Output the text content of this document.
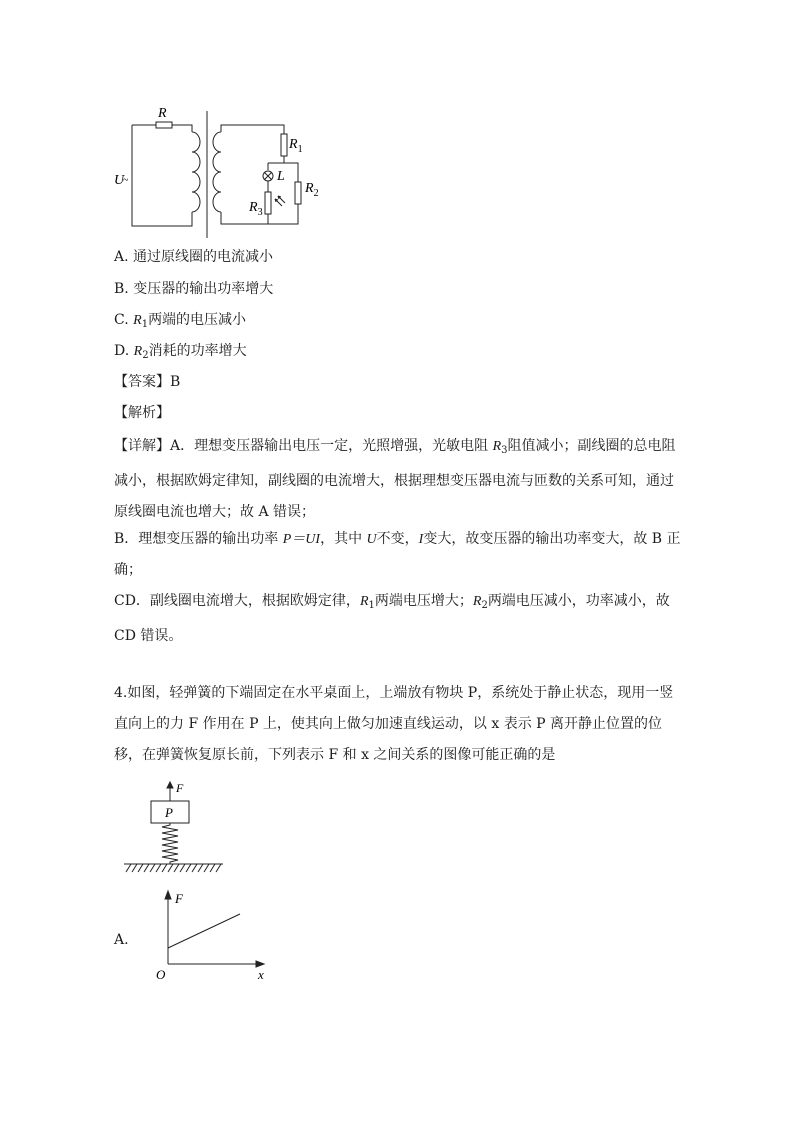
R
U
~
$R_1$
L
$R_2$
$R_3$
A. 通过原线圈的电流减小
B. 变压器的输出功率增大
C. $R_1$两端的电压减小
D. $R_2$消耗的功率增大
【答案】B
【解析】
【详解】A．理想变压器输出电压一定，光照增强，光敏电阻 $R_3$阻值减小；副线圈的总电阻减小，根据欧姆定律知，副线圈的电流增大，根据理想变压器电流与匝数的关系可知，通过原线圈电流也增大；故 A 错误；
B．理想变压器的输出功率 P＝UI，其中 U不变，I变大，故变压器的输出功率变大，故 B 正确；
CD．副线圈电流增大，根据欧姆定律，$R_1$两端电压增大；$R_2$两端电压减小，功率减小，故 CD 错误。
4.如图，轻弹簧的下端固定在水平桌面上，上端放有物块 P，系统处于静止状态，现用一竖直向上的力 F 作用在 P 上，使其向上做匀加速直线运动，以 x 表示 P 离开静止位置的位移，在弹簧恢复原长前，下列表示 F 和 x 之间关系的图像可能正确的是
F
P
A.
F
x
O
